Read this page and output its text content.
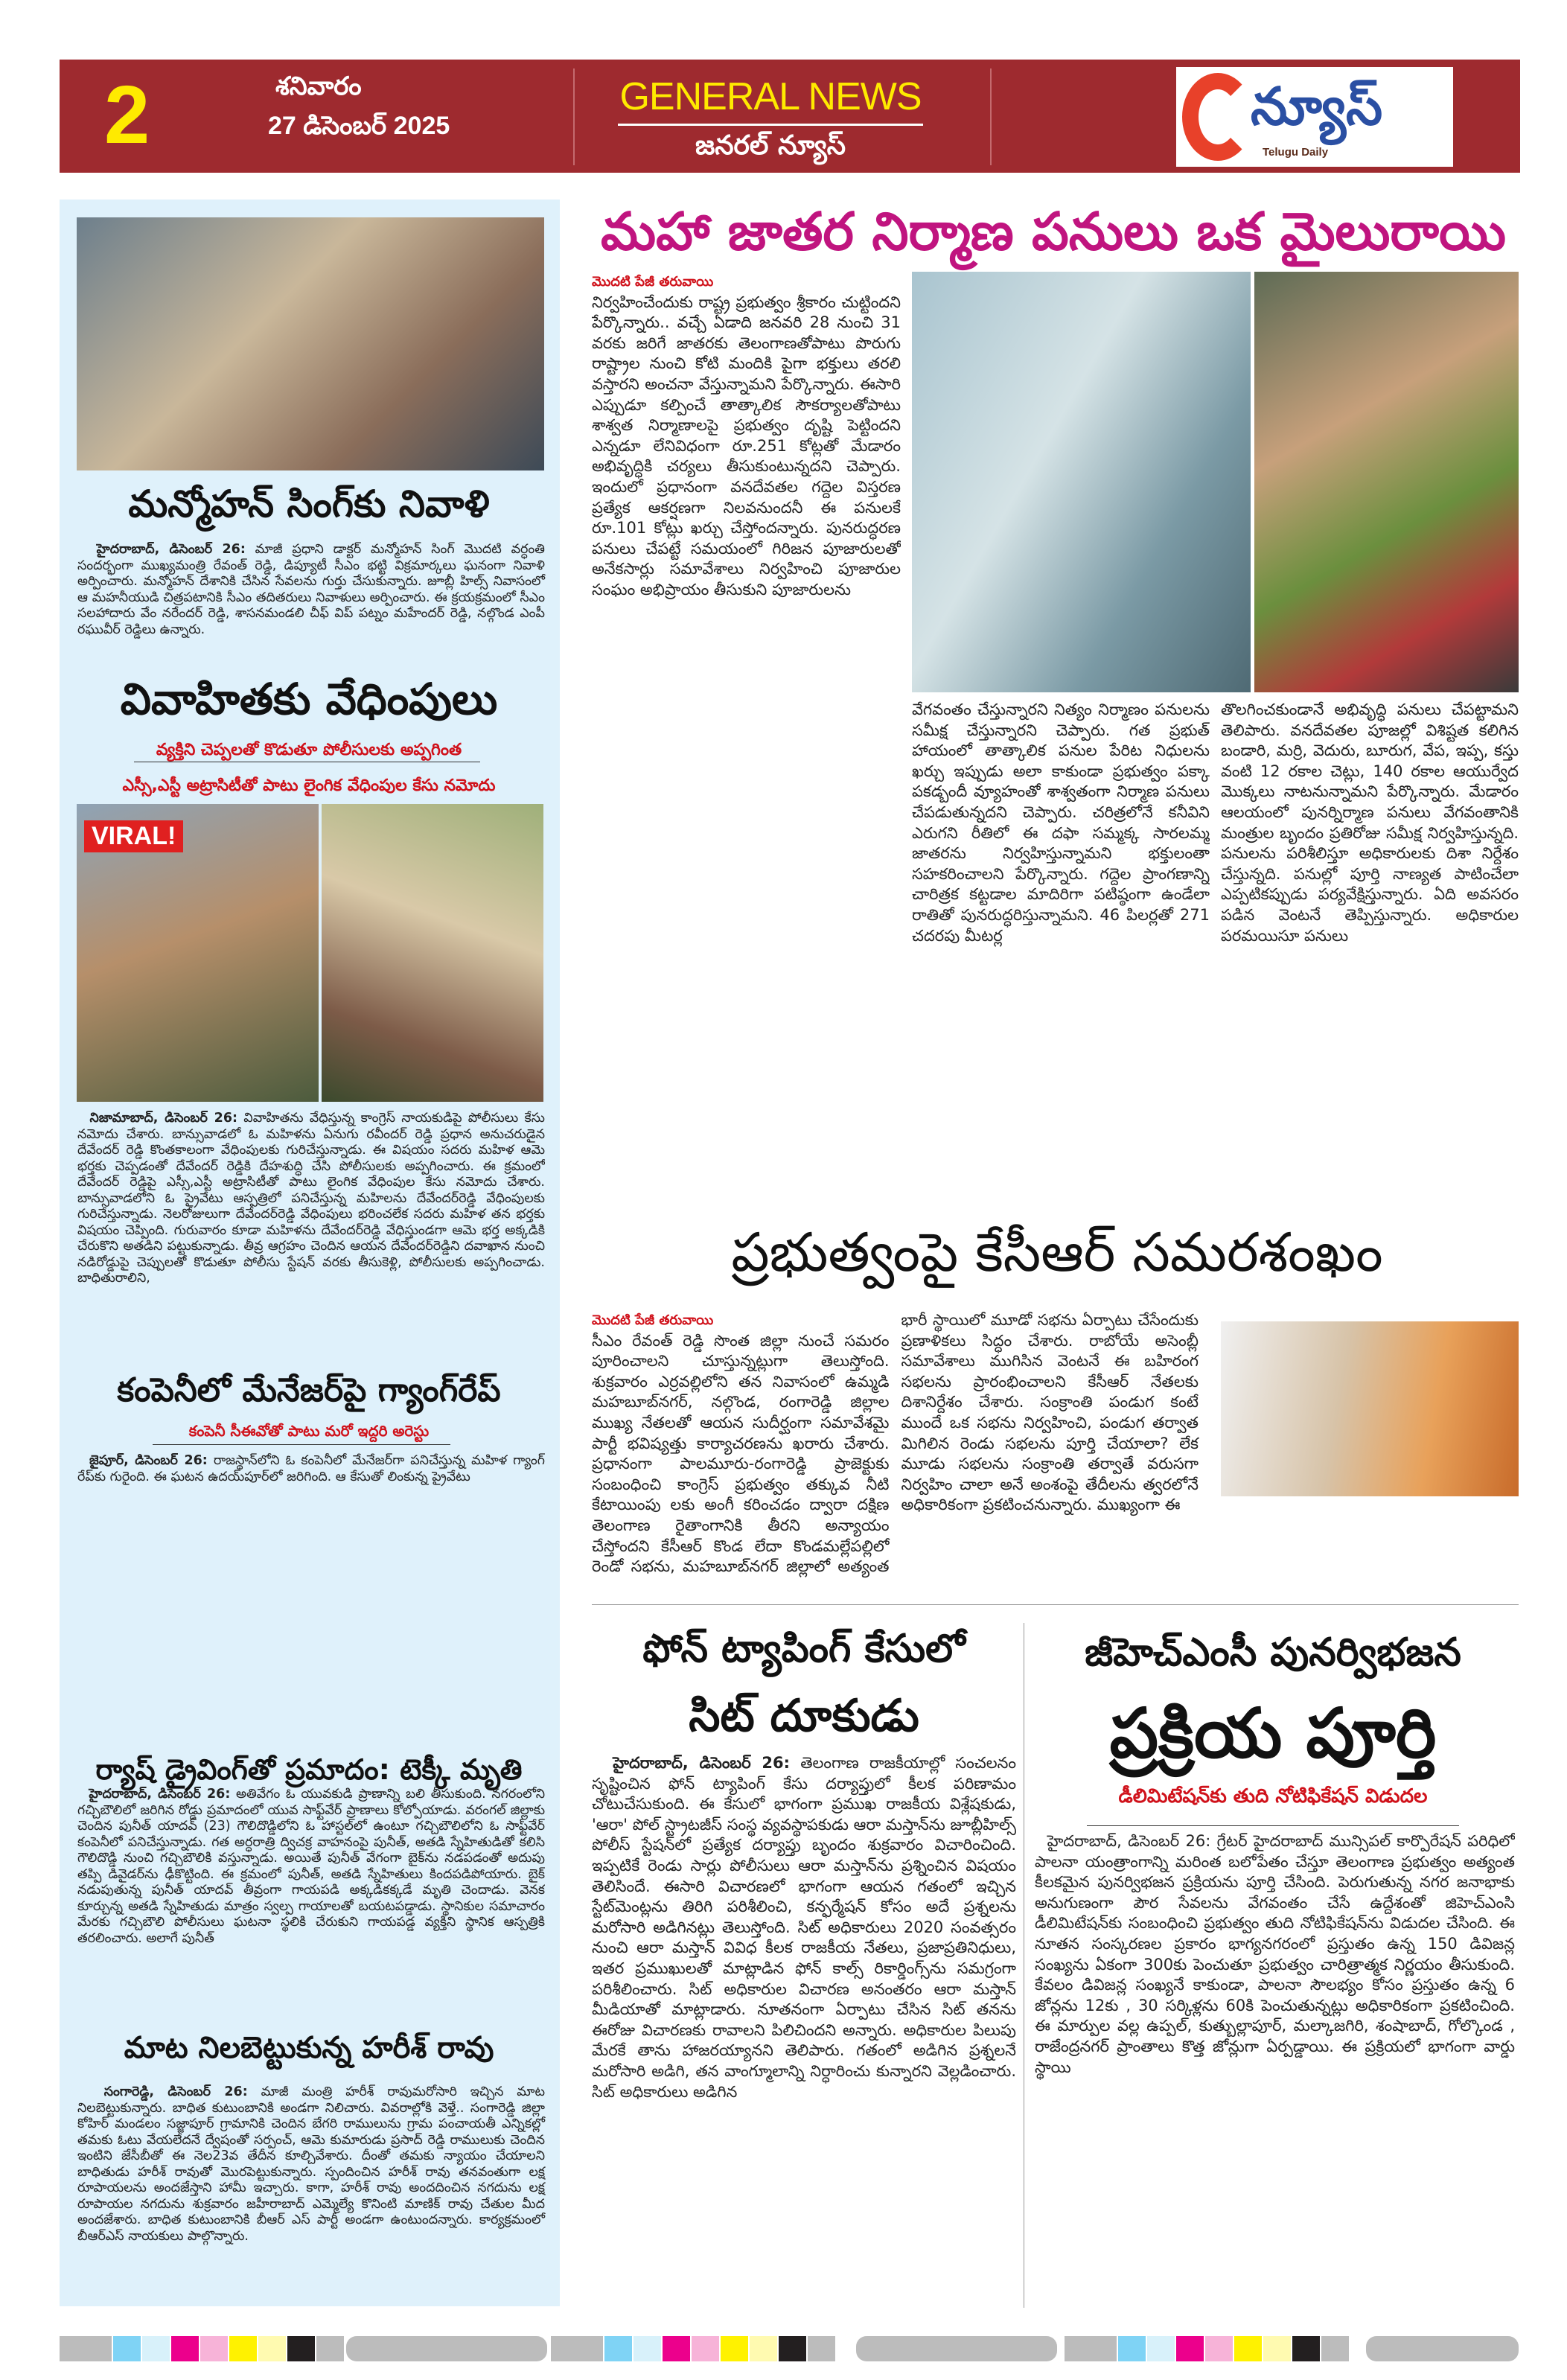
2	శనివారం
27 డిసెంబర్ 2025
GENERAL NEWS
జనరల్ న్యూస్
న్యూస్
Telugu Daily
మన్మోహన్ సింగ్‌కు నివాళి
హైదరాబాద్, డిసెంబర్ 26: మాజీ ప్రధాని డాక్టర్ మన్మోహన్ సింగ్ మొదటి వర్ధంతి సందర్భంగా ముఖ్యమంత్రి రేవంత్ రెడ్డి, డిప్యూటీ సీఎం భట్టి విక్రమార్కలు ఘనంగా నివాళి అర్పించారు. మన్మోహన్ దేశానికి చేసిన సేవలను గుర్తు చేసుకున్నారు. జూబ్లీ హిల్స్ నివాసంలో ఆ మహనీయుడి చిత్రపటానికి సీఎం తదితరులు నివాళులు అర్పించారు. ఈ క్రయక్రమంలో సీఎం సలహాదారు వేం నరేందర్ రెడ్డి, శాసనమండలి చీఫ్ విప్ పట్నం మహేందర్ రెడ్డి, నల్గొండ ఎంపీ రఘువీర్ రెడ్డిలు ఉన్నారు.
వివాహితకు వేధింపులు
వ్యక్తిని చెప్పలతో కొడుతూ పోలీసులకు అప్పగింత
ఎస్సీ,ఎస్టీ అట్రాసిటీతో పాటు లైంగిక వేధింపుల కేసు నమోదు
VIRAL!
నిజామాబాద్, డిసెంబర్ 26: వివాహితను వేధిస్తున్న కాంగ్రెస్ నాయకుడిపై పోలీసులు కేసు నమోదు చేశారు. బాన్సువాడలో ఓ మహిళను ఏనుగు రవీందర్ రెడ్డి ప్రధాన అనుచరుడైన దేవేందర్ రెడ్డి కొంతకాలంగా వేధింపులకు గురిచేస్తున్నాడు. ఈ విషయం సదరు మహిళ ఆమె భర్తకు చెప్పడంతో దేవేందర్ రెడ్డికి దేహశుద్ధి చేసి పోలీసులకు అప్పగించారు. ఈ క్రమంలో దేవేందర్ రెడ్డిపై ఎస్సీ,ఎస్టీ అట్రాసిటీతో పాటు లైంగిక వేధింపుల కేసు నమోదు చేశారు. బాన్సువాడలోని ఓ ప్రైవేటు ఆస్పత్రిలో పనిచేస్తున్న మహిలను దేవేందర్‌రెడ్డి వేధింపులకు గురిచేస్తున్నాడు. నెలరోజులుగా దేవేందర్‌రెడ్డి వేధింపులు భరించలేక సదరు మహిళ తన భర్తకు విషయం చెప్పింది. గురువారం కూడా మహిళను దేవేందర్‌రెడ్డి వేధిస్తుండగా ఆమె భర్త అక్కడికి చేరుకొని అతడిని పట్టుకున్నాడు. తీవ్ర ఆగ్రహం చెందిన ఆయన దేవేందర్‌రెడ్డిని దవాఖాన నుంచి నడిరోడ్డుపై చెప్పులతో కొడుతూ పోలీసు స్టేషన్ వరకు తీసుకెళ్లి, పోలీసులకు అప్పగించాడు. బాధితురాలిని,
కంపెనీలో మేనేజర్‌పై గ్యాంగ్‌రేప్
కంపెనీ సీఈవోతో పాటు మరో ఇద్దరి అరెస్టు
జైపూర్, డిసెంబర్ 26: రాజస్థాన్‌లోని ఓ కంపెనీలో మేనేజర్‌గా పనిచేస్తున్న మహిళ గ్యాంగ్ రేప్‌కు గురైంది. ఈ ఘటన ఉదయ్‌పూర్‌లో జరిగింది. ఆ కేసుతో లింకున్న ప్రైవేటు
ర్యాష్ డ్రైవింగ్‌తో ప్రమాదం: టెక్కీ మృతి
హైదరాబాద్, డిసెంబర్ 26: అతివేగం ఓ యువకుడి ప్రాణాన్ని బలి తీసుకుంది. నగరంలోని గచ్చిబౌలిలో జరిగిన రోడ్డు ప్రమాదంలో యువ సాఫ్ట్‌వేర్ ప్రాణాలు కోల్పోయాడు. వరంగల్ జిల్లాకు చెందిన పునీత్ యాదవ్ (23) గౌలిదొడ్డిలోని ఓ హాస్టల్‌లో ఉంటూ గచ్చిబౌలిలోని ఓ సాఫ్ట్‌వేర్ కంపెనీలో పనిచేస్తున్నాడు. గత అర్ధరాత్రి ద్విచక్ర వాహనంపై పునీత్, అతడి స్నేహితుడితో కలిసి గౌలిదొడ్డి నుంచి గచ్చిబౌలికి వస్తున్నాడు. అయితే పునీత్ వేగంగా బైక్‌ను నడపడంతో అదుపు తప్పి డివైడర్‌ను ఢీకొట్టింది. ఈ క్రమంలో పునీత్, అతడి స్నేహితులు కిందపడిపోయారు. బైక్ నడుపుతున్న పునీత్ యాదవ్ తీవ్రంగా గాయపడి అక్కడికక్కడే మృతి చెందాడు. వెనక కూర్చున్న అతడి స్నేహితుడు మాత్రం స్వల్ప గాయాలతో బయటపడ్డాడు. స్థానికుల సమాచారం మేరకు గచ్చిబౌలి పోలీసులు ఘటనా స్థలికి చేరుకుని గాయపడ్డ వ్యక్తిని స్థానిక ఆస్పత్రికి తరలించారు. అలాగే పునీత్
మాట నిలబెట్టుకున్న హరీశ్ రావు
సంగారెడ్డి, డిసెంబర్ 26: మాజీ మంత్రి హరీశ్ రావుమరోసారి ఇచ్చిన మాట నిలబెట్టుకున్నారు. బాధిత కుటుంబానికి అండగా నిలిచారు. వివరాల్లోకి వెళ్తే.. సంగారెడ్డి జిల్లా కోహిర్ మండలం సజ్జాపూర్ గ్రామానికి చెందిన బేగరి రాములును గ్రామ పంచాయతీ ఎన్నికల్లో తమకు ఓటు వేయలేదనే ద్వేషంతో సర్పంచ్, ఆమె కుమారుడు ప్రసాద్ రెడ్డి రాములుకు చెందిన ఇంటిని జేసీబీతో ఈ నెల23వ తేదీన కూల్చివేశారు. దీంతో తమకు న్యాయం చేయాలని బాధితుడు హరీశ్ రావుతో మొరపెట్టుకున్నారు. స్పందించిన హరీశ్ రావు తనవంతుగా లక్ష రూపాయలను అందజేస్తాని హామీ ఇచ్చారు. కాగా, హరీశ్ రావు అందదించిన నగదును లక్ష రూపాయల నగదును శుక్రవారం జహీరాబాద్ ఎమ్మెల్యే కొనింటి మాణిక్ రావు చేతుల మీద అందజేశారు. బాధిత కుటుంబానికి బీఆర్ ఎస్ పార్టీ అండగా ఉంటుందన్నారు. కార్యక్రమంలో బీఆర్ఎస్ నాయకులు పాల్గొన్నారు.
మహా జాతర నిర్మాణ పనులు ఒక మైలురాయి
మొదటి పేజీ తరువాయి
నిర్వహించేందుకు రాష్ట్ర ప్రభుత్వం శ్రీకారం చుట్టిందని పేర్కొన్నారు.. వచ్చే ఏడాది జనవరి 28 నుంచి 31 వరకు జరిగే జాతరకు తెలంగాణతోపాటు పొరుగు రాష్ట్రాల నుంచి కోటి మందికి పైగా భక్తులు తరలి వస్తారని అంచనా వేస్తున్నామని పేర్కొన్నారు. ఈసారి ఎప్పుడూ కల్పించే తాత్కాలిక సౌకర్యాలతోపాటు శాశ్వత నిర్మాణాలపై ప్రభుత్వం దృష్టి పెట్టిందని ఎన్నడూ లేనివిధంగా రూ.251 కోట్లతో మేడారం అభివృద్ధికి చర్యలు తీసుకుంటున్నదని చెప్పారు. ఇందులో ప్రధానంగా వనదేవతల గద్దెల విస్తరణ ప్రత్యేక ఆకర్షణగా నిలవనుందనీ ఈ పనులకే రూ.101 కోట్లు ఖర్చు చేస్తోందన్నారు. పునరుద్ధరణ పనులు చేపట్టే సమయంలో గిరిజన పూజారులతో అనేకసార్లు సమావేశాలు నిర్వహించి పూజారుల సంఘం అభిప్రాయం తీసుకుని పూజారులను
వేగవంతం చేస్తున్నారని నిత్యం నిర్మాణం పనులను సమీక్ష చేస్తున్నారని చెప్పారు. గత ప్రభుత్ హాయంలో తాత్కాలిక పనుల పేరిట నిధులను ఖర్చు ఇప్పుడు అలా కాకుండా ప్రభుత్వం పక్కా పకడ్బందీ వ్యూహంతో శాశ్వతంగా నిర్మాణ పనులు చేపడుతున్నదని చెప్పారు. చరిత్రలోనే కనీవిని ఎరుగని రీతిలో ఈ దఫా సమ్మక్క సారలమ్మ జాతరను నిర్వహిస్తున్నామని భక్తులంతా సహకరించాలని పేర్కొన్నారు. గద్దెల ప్రాంగణాన్ని చారిత్రక కట్టడాల మాదిరిగా పటిష్ఠంగా ఉండేలా రాతితో పునరుద్ధరిస్తున్నామని. 46 పిలర్లతో 271 చదరపు మీటర్ల
తొలగించకుండానే అభివృద్ధి పనులు చేపట్టామని తెలిపారు. వనదేవతల పూజల్లో విశిష్టత కలిగిన బండారి, మర్రి, వెదురు, బూరుగ, వేప, ఇప్ప, కస్తు వంటి 12 రకాల చెట్లు, 140 రకాల ఆయుర్వేద మొక్కలు నాటనున్నామని పేర్కొన్నారు. మేడారం ఆలయంలో పునర్నిర్మాణ పనులు వేగవంతానికి మంత్రుల బృందం ప్రతిరోజు సమీక్ష నిర్వహిస్తున్నది. పనులను పరిశీలిస్తూ అధికారులకు దిశా నిర్దేశం చేస్తున్నది. పనుల్లో పూర్తి నాణ్యత పాటించేలా ఎప్పటికప్పుడు పర్యవేక్షిస్తున్నారు. ఏది అవసరం పడిన వెంటనే తెప్పిస్తున్నారు. అధికారుల పరమయిసూ పనులు
ప్రభుత్వంపై కేసీఆర్ సమరశంఖం
మొదటి పేజీ తరువాయి
సీఎం రేవంత్ రెడ్డి సొంత జిల్లా నుంచే సమరం పూరించాలని చూస్తున్నట్లుగా తెలుస్తోంది. శుక్రవారం ఎర్రవల్లిలోని తన నివాసంలో ఉమ్మడి మహబూబ్‌నగర్, నల్గొండ, రంగారెడ్డి జిల్లాల ముఖ్య నేతలతో ఆయన సుదీర్ఘంగా సమావేశమై పార్టీ భవిష్యత్తు కార్యాచరణను ఖరారు చేశారు. ప్రధానంగా పాలమూరు-రంగారెడ్డి ప్రాజెక్టుకు సంబంధించి కాంగ్రెస్ ప్రభుత్వం తక్కువ నీటి కేటాయింపు లకు అంగీ కరించడం ద్వారా దక్షిణ తెలంగాణ రైతాంగానికి తీరని అన్యాయం చేస్తోందని కేసీఆర్ కొండ లేదా కొండమల్లేపల్లిలో రెండో సభను, మహబూబ్‌నగర్ జిల్లాలో అత్యంత భారీ స్థాయిలో మూడో సభను ఏర్పాటు చేసేందుకు ప్రణాళికలు సిద్ధం చేశారు. రాబోయే అసెంబ్లీ సమావేశాలు ముగిసిన వెంటనే ఈ బహిరంగ సభలను ప్రారంభించాలని కేసీఆర్ నేతలకు దిశానిర్దేశం చేశారు. సంక్రాంతి పండుగ కంటే ముందే ఒక సభను నిర్వహించి, పండుగ తర్వాత మిగిలిన రెండు సభలను పూర్తి చేయాలా? లేక మూడు సభలను సంక్రాంతి తర్వాతే వరుసగా నిర్వహిం చాలా అనే అంశంపై తేదీలను త్వరలోనే అధికారికంగా ప్రకటించనున్నారు. ముఖ్యంగా ఈ
ఫోన్ ట్యాపింగ్ కేసులో
సిట్ దూకుడు
హైదరాబాద్, డిసెంబర్ 26: తెలంగాణ రాజకీయాల్లో సంచలనం సృష్టించిన ఫోన్ ట్యాపింగ్ కేసు దర్యాప్తులో కీలక పరిణామం చోటుచేసుకుంది. ఈ కేసులో భాగంగా ప్రముఖ రాజకీయ విశ్లేషకుడు, 'ఆరా' పోల్ స్ట్రాటజీస్ సంస్థ వ్యవస్థాపకుడు ఆరా మస్తాన్‌ను జూబ్లీహిల్స్ పోలీస్ స్టేషన్‌లో ప్రత్యేక దర్యాప్తు బృందం శుక్రవారం విచారించింది. ఇప్పటికే రెండు సార్లు పోలీసులు ఆరా మస్తాన్‌ను ప్రశ్నించిన విషయం తెలిసిందే. ఈసారి విచారణలో భాగంగా ఆయన గతంలో ఇచ్చిన స్టేట్‌మెంట్లను తిరిగి పరిశీలించి, కన్ఫర్మేషన్ కోసం అదే ప్రశ్నలను మరోసారి అడిగినట్లు తెలుస్తోంది. సిట్ అధికారులు 2020 సంవత్సరం నుంచి ఆరా మస్తాన్ వివిధ కీలక రాజకీయ నేతలు, ప్రజాప్రతినిధులు, ఇతర ప్రముఖులతో మాట్లాడిన ఫోన్ కాల్స్ రికార్డింగ్స్‌ను సమగ్రంగా పరిశీలించారు. సిట్ అధికారుల విచారణ అనంతరం ఆరా మస్తాన్ మీడియాతో మాట్లాడారు. నూతనంగా ఏర్పాటు చేసిన సిట్ తనను ఈరోజు విచారణకు రావాలని పిలిచిందని అన్నారు. అధికారుల పిలుపు మేరకే తాను హాజరయ్యానని తెలిపారు. గతంలో అడిగిన ప్రశ్నలనే మరోసారి అడిగి, తన వాంగ్మూలాన్ని నిర్ధారించు కున్నారని వెల్లడించారు. సిట్ అధికారులు అడిగిన
జీహెచ్ఎంసీ పునర్విభజన
ప్రక్రియ పూర్తి
డీలిమిటేషన్‌కు తుది నోటిఫికేషన్ విడుదల
హైదరాబాద్, డిసెంబర్ 26: గ్రేటర్ హైదరాబాద్ మున్సిపల్ కార్పొరేషన్ పరిధిలో పాలనా యంత్రాంగాన్ని మరింత బలోపేతం చేస్తూ తెలంగాణ ప్రభుత్వం అత్యంత కీలకమైన పునర్విభజన ప్రక్రియను పూర్తి చేసింది. పెరుగుతున్న నగర జనాభాకు అనుగుణంగా పౌర సేవలను వేగవంతం చేసే ఉద్దేశంతో జిహెచ్ఎంసి డీలిమిటేషన్‌కు సంబంధించి ప్రభుత్వం తుది నోటిఫికేషన్‌ను విడుదల చేసింది. ఈ నూతన సంస్కరణల ప్రకారం భాగ్యనగరంలో ప్రస్తుతం ఉన్న 150 డివిజన్ల సంఖ్యను ఏకంగా 300కు పెంచుతూ ప్రభుత్వం చారిత్రాత్మక నిర్ణయం తీసుకుంది. కేవలం డివిజన్ల సంఖ్యనే కాకుండా, పాలనా సౌలభ్యం కోసం ప్రస్తుతం ఉన్న 6 జోన్లను 12కు , 30 సర్కిళ్లను 60కి పెంచుతున్నట్లు అధికారికంగా ప్రకటించింది. ఈ మార్పుల వల్ల ఉప్పల్, కుత్బుల్లాపూర్, మల్కాజగిరి, శంషాబాద్, గోల్కొండ , రాజేంద్రనగర్ ప్రాంతాలు కొత్త జోన్లుగా ఏర్పడ్డాయి. ఈ ప్రక్రియలో భాగంగా వార్డు స్థాయి
